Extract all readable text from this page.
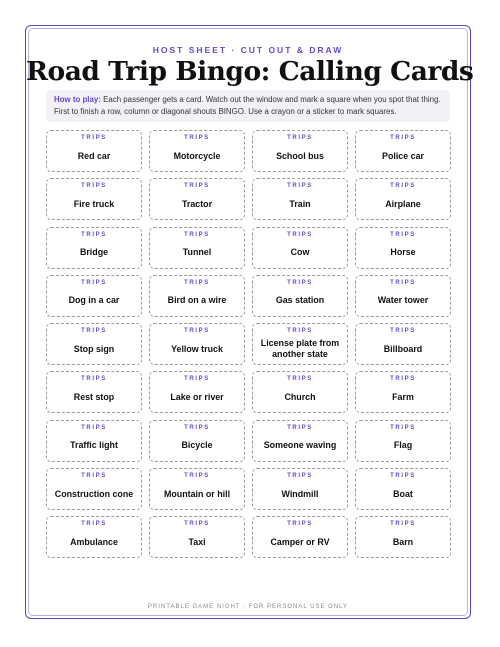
HOST SHEET · CUT OUT & DRAW
Road Trip Bingo: Calling Cards
How to play: Each passenger gets a card. Watch out the window and mark a square when you spot that thing. First to finish a row, column or diagonal shouts BINGO. Use a crayon or a sticker to mark squares.
TRIPS
Red car
TRIPS
Motorcycle
TRIPS
School bus
TRIPS
Police car
TRIPS
Fire truck
TRIPS
Tractor
TRIPS
Train
TRIPS
Airplane
TRIPS
Bridge
TRIPS
Tunnel
TRIPS
Cow
TRIPS
Horse
TRIPS
Dog in a car
TRIPS
Bird on a wire
TRIPS
Gas station
TRIPS
Water tower
TRIPS
Stop sign
TRIPS
Yellow truck
TRIPS
License plate from another state
TRIPS
Billboard
TRIPS
Rest stop
TRIPS
Lake or river
TRIPS
Church
TRIPS
Farm
TRIPS
Traffic light
TRIPS
Bicycle
TRIPS
Someone waving
TRIPS
Flag
TRIPS
Construction cone
TRIPS
Mountain or hill
TRIPS
Windmill
TRIPS
Boat
TRIPS
Ambulance
TRIPS
Taxi
TRIPS
Camper or RV
TRIPS
Barn
PRINTABLE GAME NIGHT · FOR PERSONAL USE ONLY
